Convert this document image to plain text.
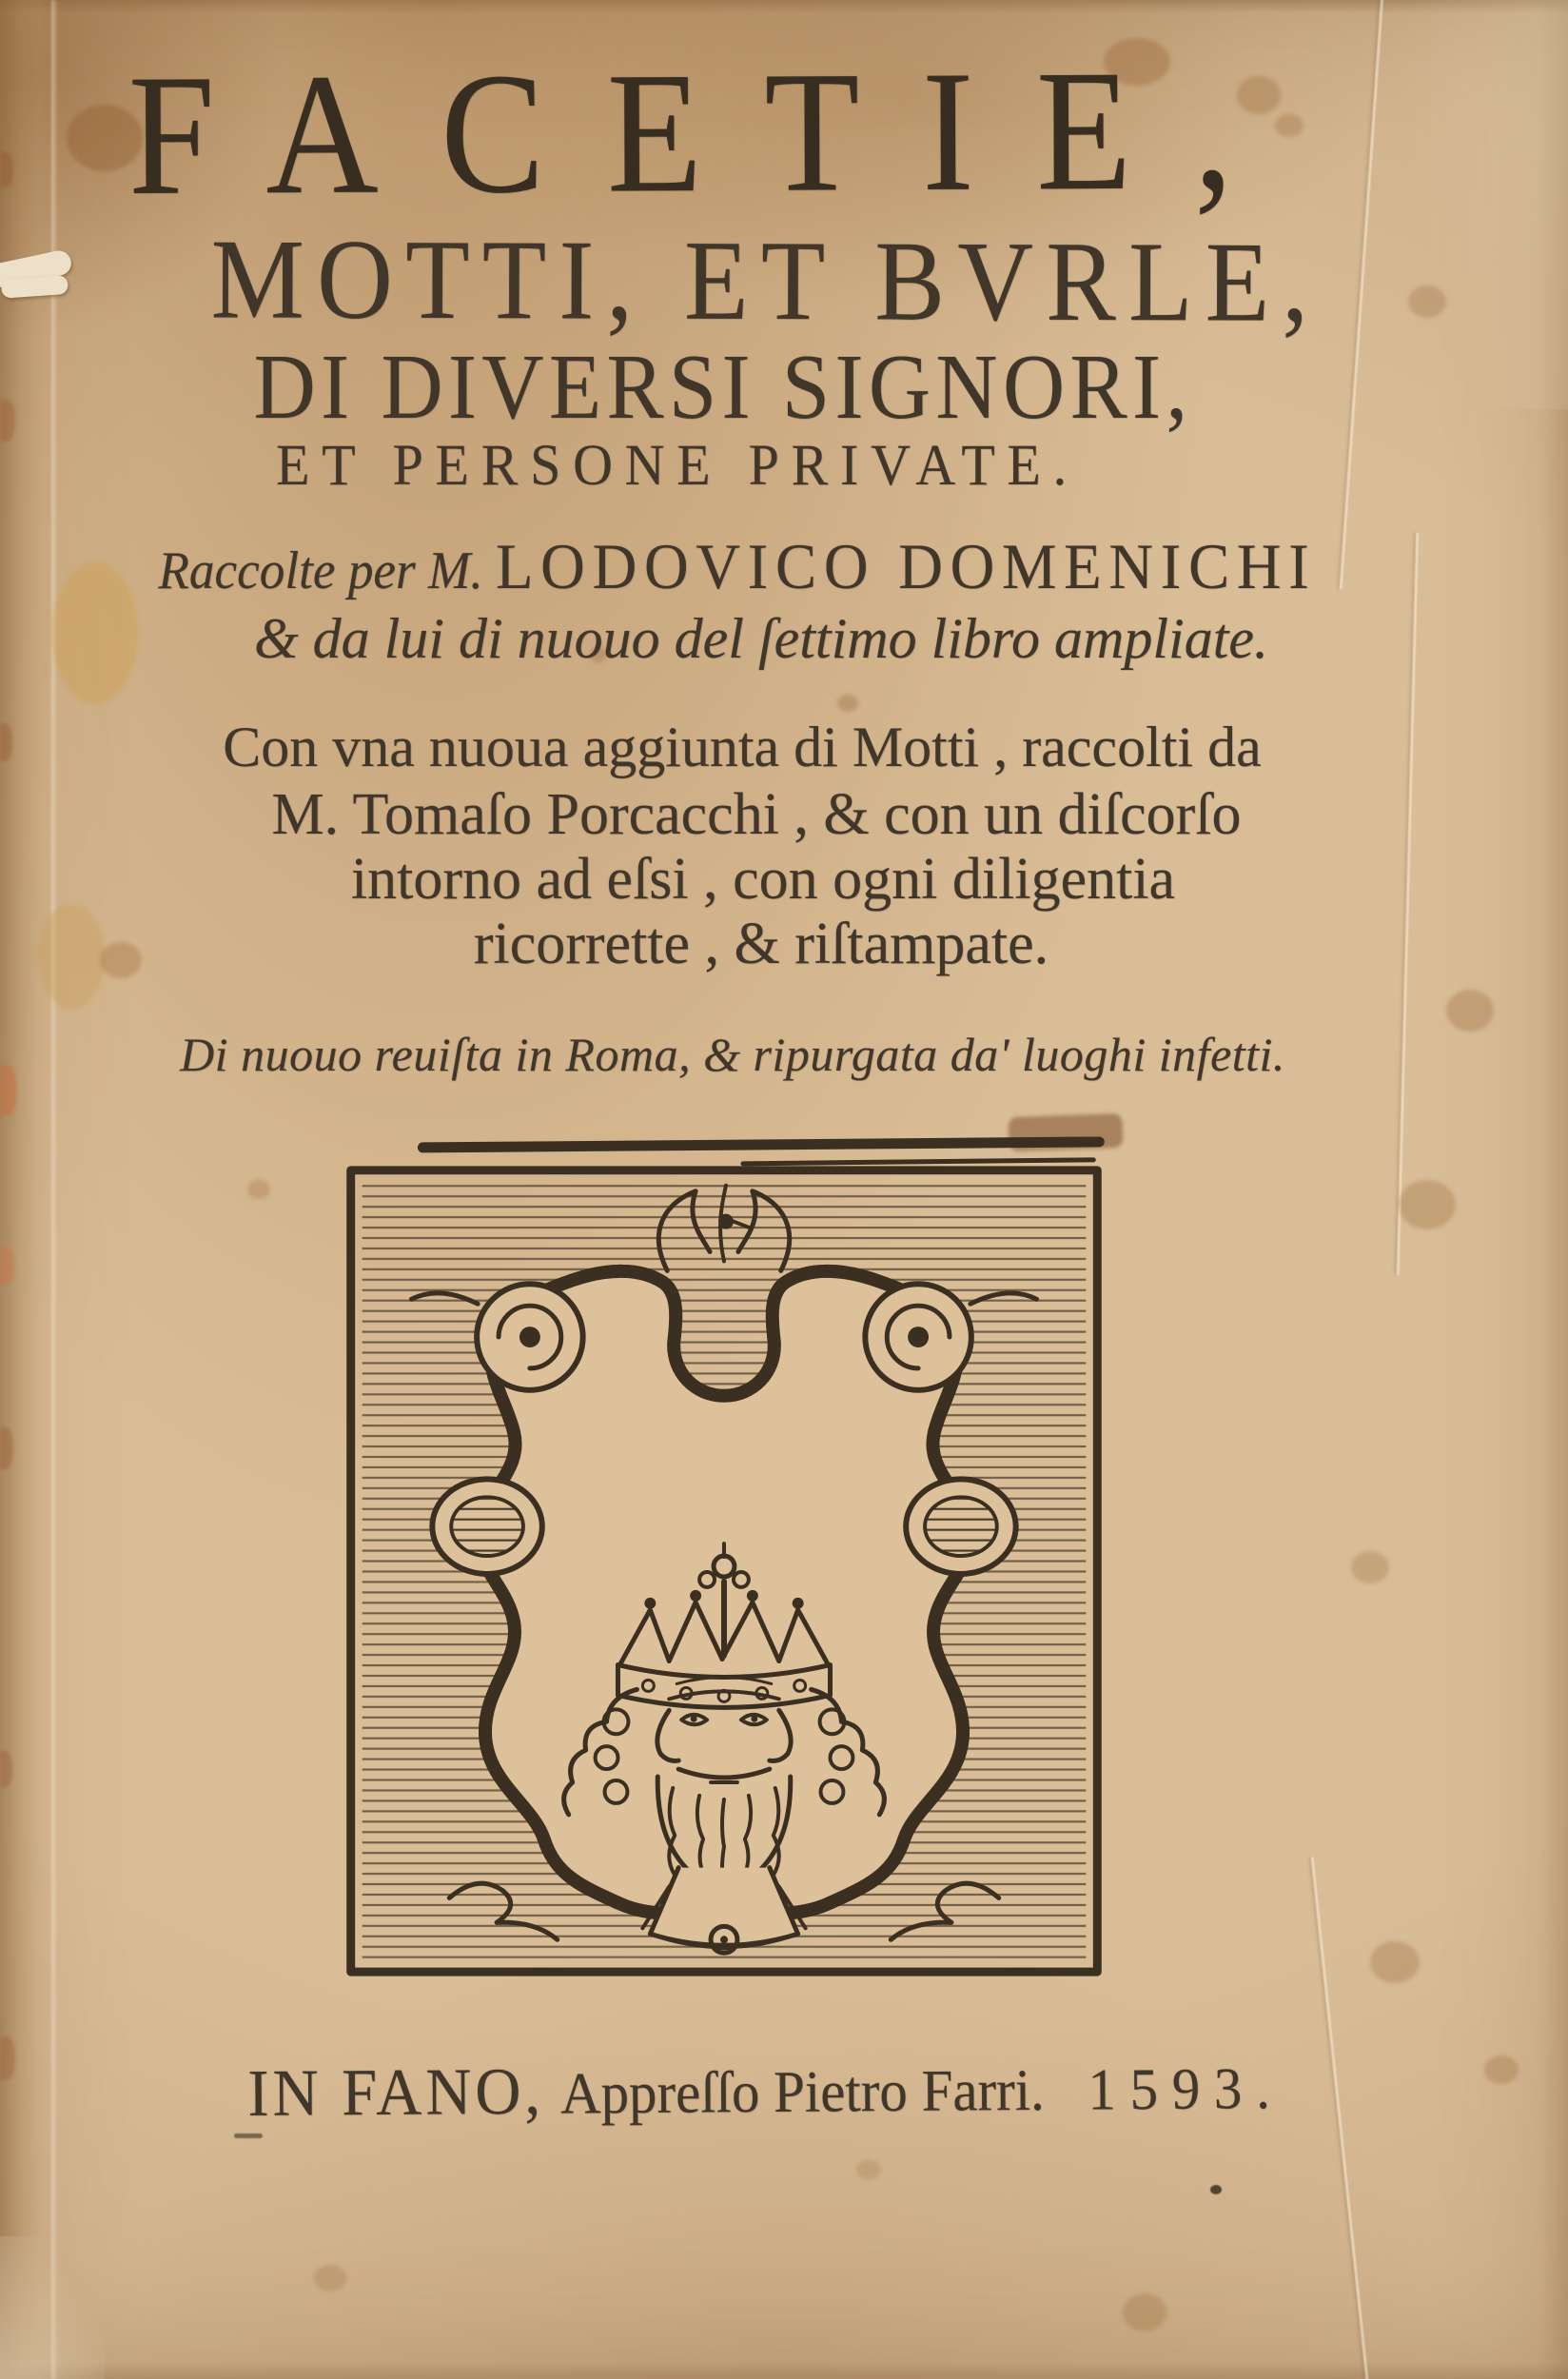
FACETIE,
MOTTI, ET BVRLE,
DI DIVERSI SIGNORI,
ET PERSONE PRIVATE.
Raccolte per M. LODOVICO DOMENICHI
& da lui di nuouo del ſettimo libro ampliate.
Con vna nuoua aggiunta di Motti , raccolti da
M. Tomaſo Porcacchi , & con un diſcorſo
intorno ad eſsi , con ogni diligentia
ricorrette , & riſtampate.
Di nuouo reuiſta in Roma, & ripurgata da' luoghi infetti.
IN FANO, Appreſſo Pietro Farri. 1593.
